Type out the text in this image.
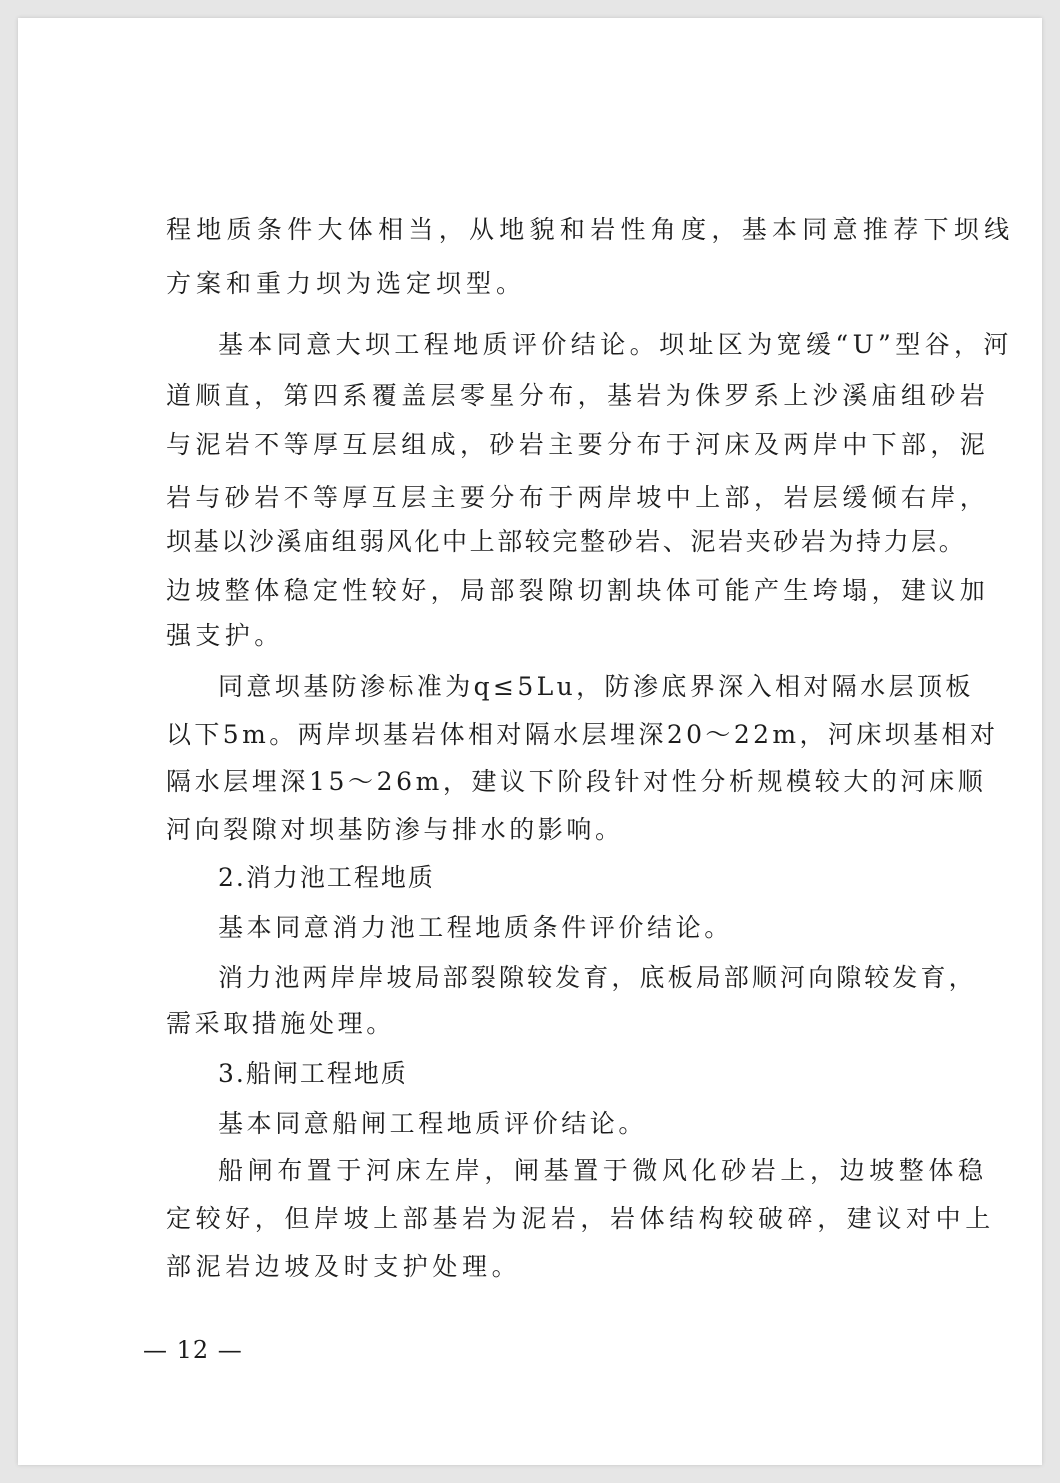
程地质条件大体相当，从地貌和岩性角度，基本同意推荐下坝线
方案和重力坝为选定坝型。
基本同意大坝工程地质评价结论。坝址区为宽缓“U”型谷，河
道顺直，第四系覆盖层零星分布，基岩为侏罗系上沙溪庙组砂岩
与泥岩不等厚互层组成，砂岩主要分布于河床及两岸中下部，泥
岩与砂岩不等厚互层主要分布于两岸坡中上部，岩层缓倾右岸，
坝基以沙溪庙组弱风化中上部较完整砂岩、泥岩夹砂岩为持力层。
边坡整体稳定性较好，局部裂隙切割块体可能产生垮塌，建议加
强支护。
同意坝基防渗标准为q≤5Lu，防渗底界深入相对隔水层顶板
以下5m。两岸坝基岩体相对隔水层埋深20～22m，河床坝基相对
隔水层埋深15～26m，建议下阶段针对性分析规模较大的河床顺
河向裂隙对坝基防渗与排水的影响。
2.消力池工程地质
基本同意消力池工程地质条件评价结论。
消力池两岸岸坡局部裂隙较发育，底板局部顺河向隙较发育，
需采取措施处理。
3.船闸工程地质
基本同意船闸工程地质评价结论。
船闸布置于河床左岸，闸基置于微风化砂岩上，边坡整体稳
定较好，但岸坡上部基岩为泥岩，岩体结构较破碎，建议对中上
部泥岩边坡及时支护处理。
— 12 —
